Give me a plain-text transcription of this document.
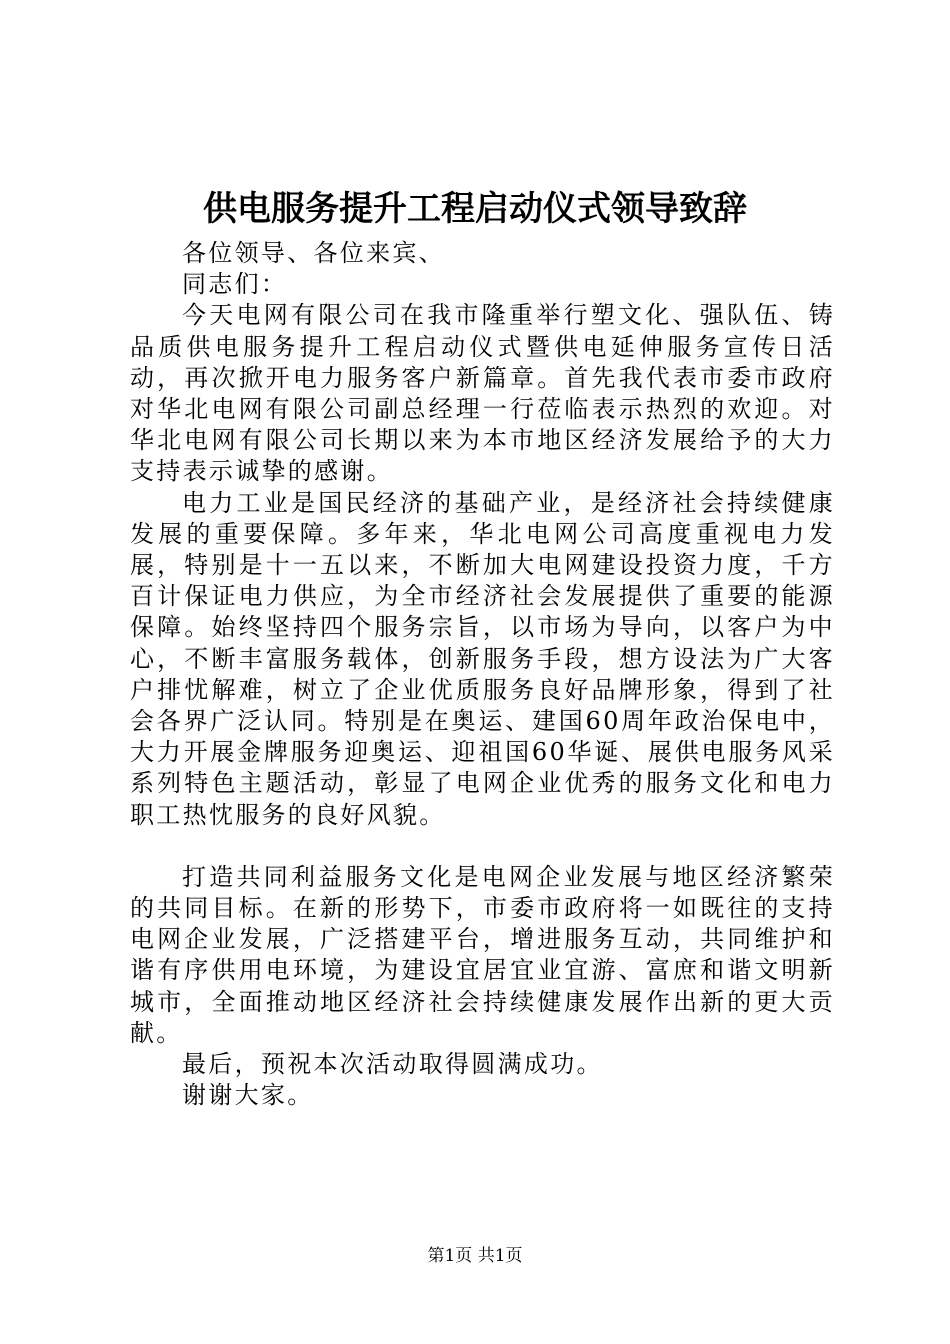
供电服务提升工程启动仪式领导致辞

各位领导、各位来宾、

同志们：

今天电网有限公司在我市隆重举行塑文化、强队伍、铸品质供电服务提升工程启动仪式暨供电延伸服务宣传日活动，再次掀开电力服务客户新篇章。首先我代表市委市政府对华北电网有限公司副总经理一行莅临表示热烈的欢迎。对华北电网有限公司长期以来为本市地区经济发展给予的大力支持表示诚挚的感谢。

电力工业是国民经济的基础产业，是经济社会持续健康发展的重要保障。多年来，华北电网公司高度重视电力发展，特别是十一五以来，不断加大电网建设投资力度，千方百计保证电力供应，为全市经济社会发展提供了重要的能源保障。始终坚持四个服务宗旨，以市场为导向，以客户为中心，不断丰富服务载体，创新服务手段，想方设法为广大客户排忧解难，树立了企业优质服务良好品牌形象，得到了社会各界广泛认同。特别是在奥运、建国60周年政治保电中，大力开展金牌服务迎奥运、迎祖国60华诞、展供电服务风采系列特色主题活动，彰显了电网企业优秀的服务文化和电力职工热忱服务的良好风貌。

打造共同利益服务文化是电网企业发展与地区经济繁荣的共同目标。在新的形势下，市委市政府将一如既往的支持电网企业发展，广泛搭建平台，增进服务互动，共同维护和谐有序供用电环境，为建设宜居宜业宜游、富庶和谐文明新城市，全面推动地区经济社会持续健康发展作出新的更大贡献。

最后，预祝本次活动取得圆满成功。

谢谢大家。

第1页 共1页
